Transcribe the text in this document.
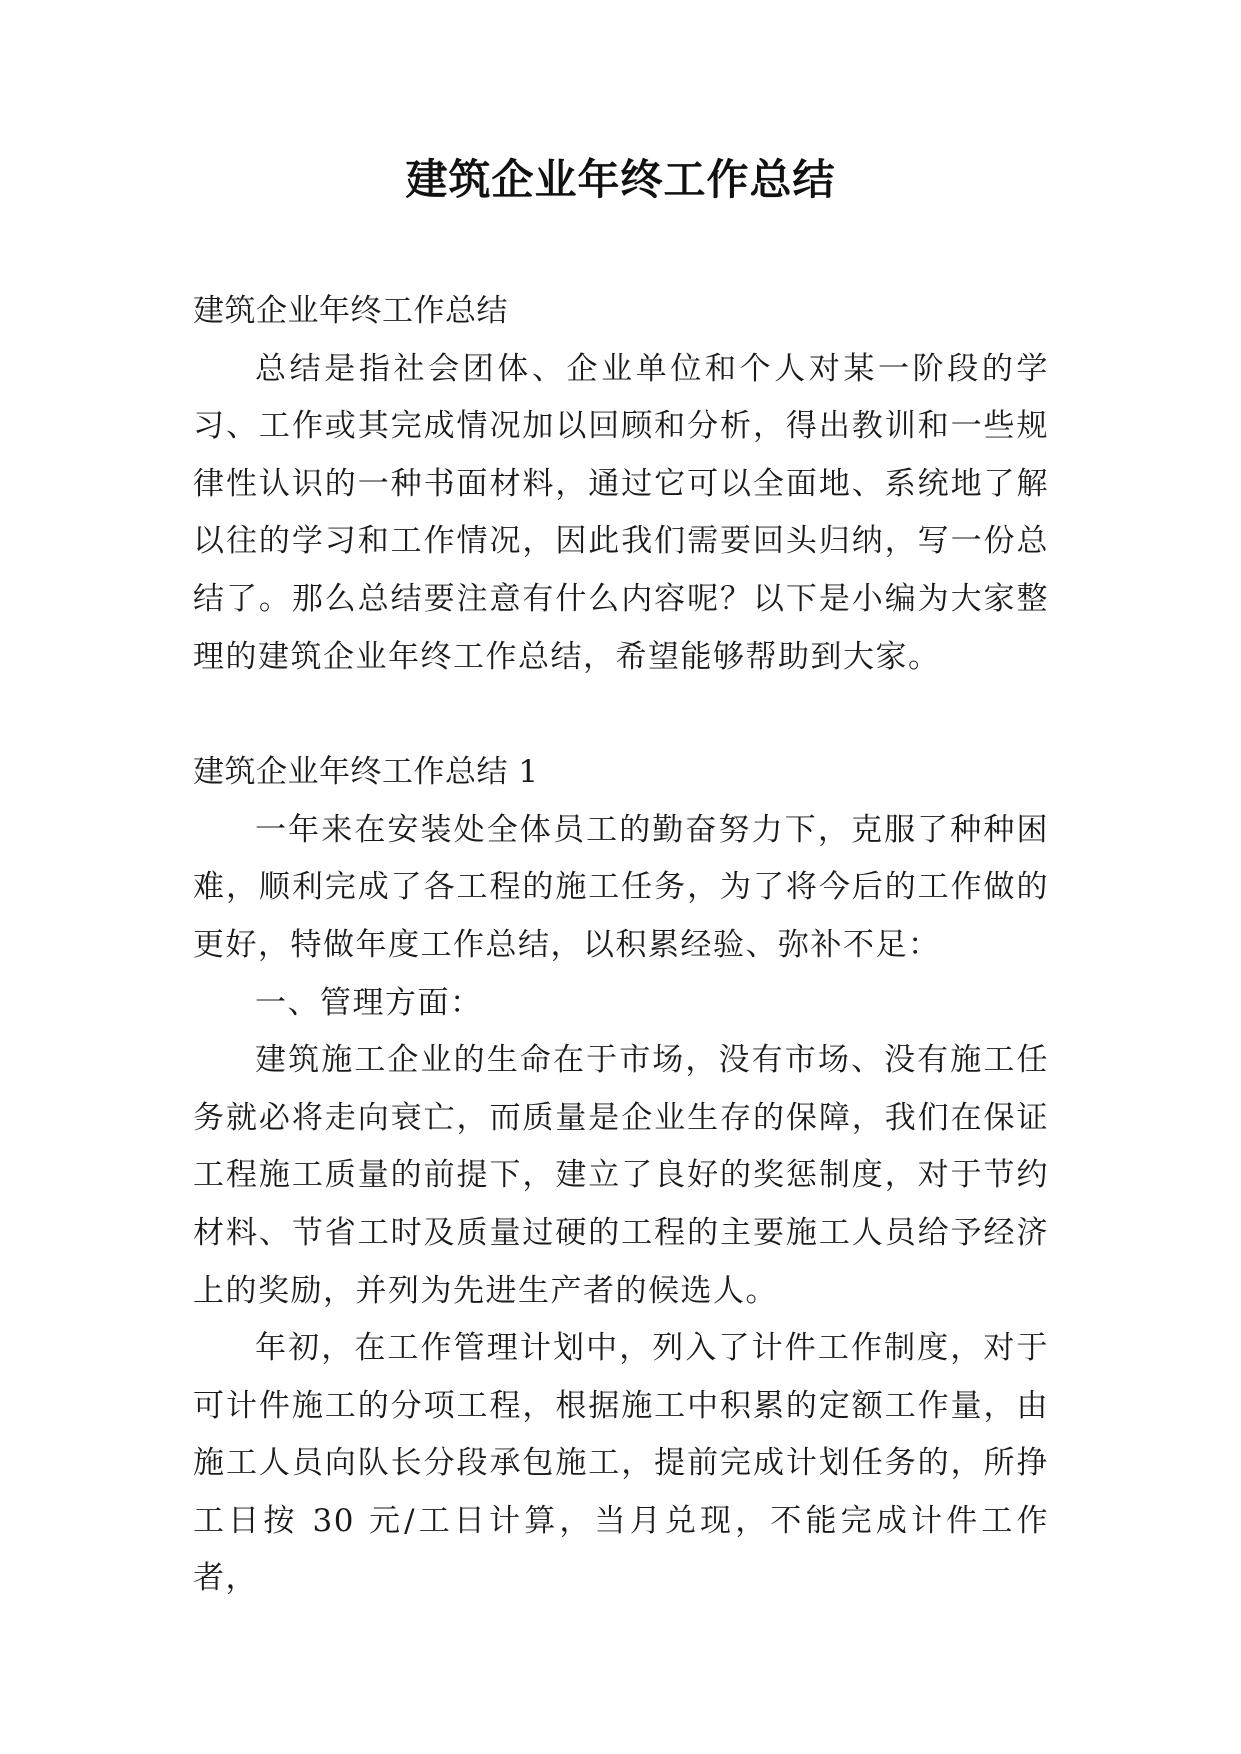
建筑企业年终工作总结

建筑企业年终工作总结

总结是指社会团体、企业单位和个人对某一阶段的学习、工作或其完成情况加以回顾和分析，得出教训和一些规律性认识的一种书面材料，通过它可以全面地、系统地了解以往的学习和工作情况，因此我们需要回头归纳，写一份总结了。那么总结要注意有什么内容呢？以下是小编为大家整理的建筑企业年终工作总结，希望能够帮助到大家。

建筑企业年终工作总结 1

一年来在安装处全体员工的勤奋努力下，克服了种种困难，顺利完成了各工程的施工任务，为了将今后的工作做的更好，特做年度工作总结，以积累经验、弥补不足：

一、管理方面：

建筑施工企业的生命在于市场，没有市场、没有施工任务就必将走向衰亡，而质量是企业生存的保障，我们在保证工程施工质量的前提下，建立了良好的奖惩制度，对于节约材料、节省工时及质量过硬的工程的主要施工人员给予经济上的奖励，并列为先进生产者的候选人。

年初，在工作管理计划中，列入了计件工作制度，对于可计件施工的分项工程，根据施工中积累的定额工作量，由施工人员向队长分段承包施工，提前完成计划任务的，所挣工日按 30 元/工日计算，当月兑现，不能完成计件工作者，
